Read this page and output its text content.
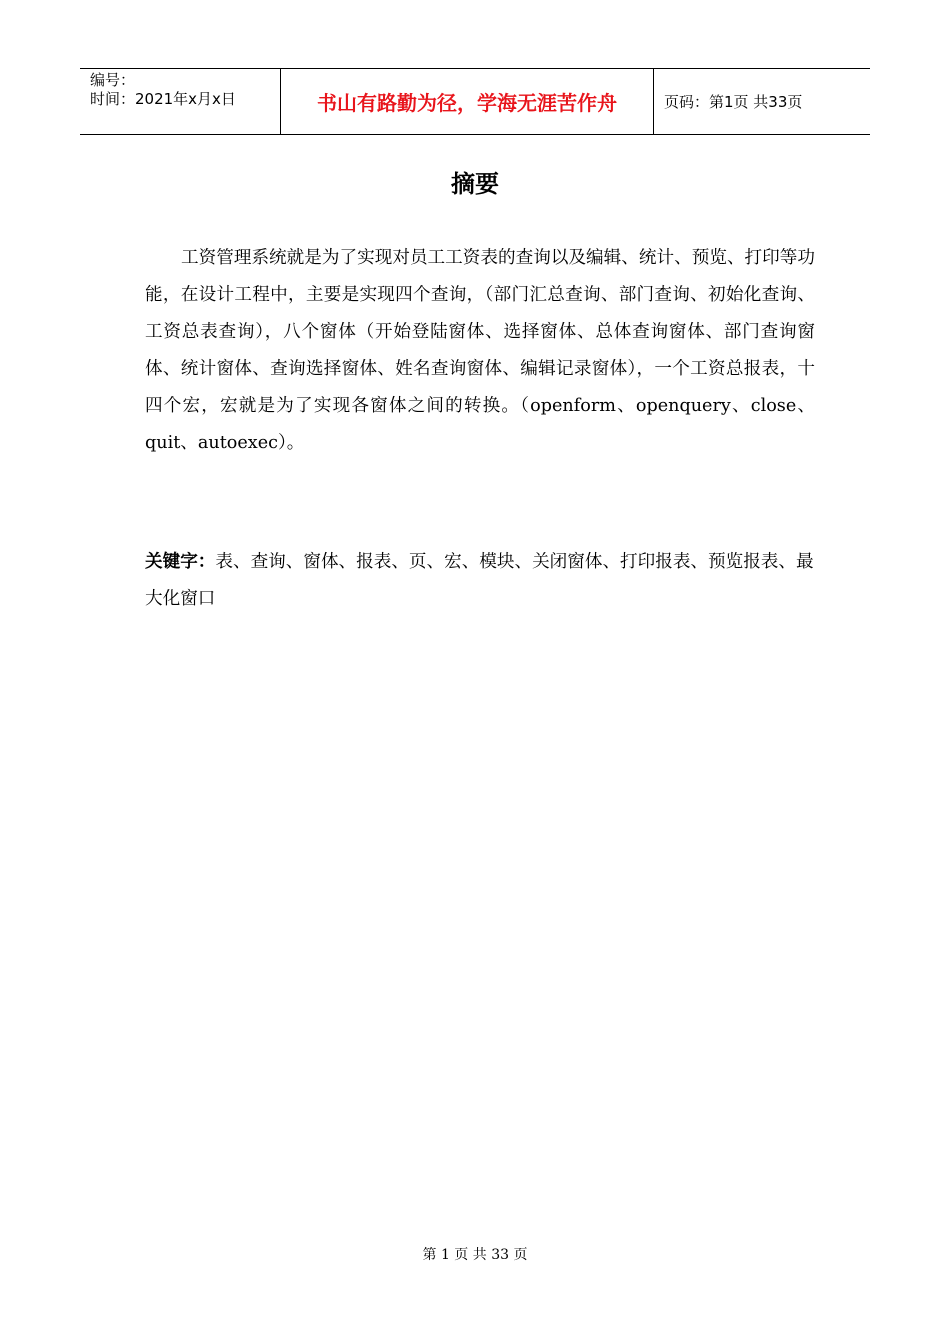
编号：
时间：2021年x月x日	书山有路勤为径，学海无涯苦作舟	页码：第1页 共33页
摘要

工资管理系统就是为了实现对员工工资表的查询以及编辑、统计、预览、打印等功能，在设计工程中，主要是实现四个查询，（部门汇总查询、部门查询、初始化查询、工资总表查询），八个窗体（开始登陆窗体、选择窗体、总体查询窗体、部门查询窗体、统计窗体、查询选择窗体、姓名查询窗体、编辑记录窗体），一个工资总报表，十四个宏，宏就是为了实现各窗体之间的转换。（openform、openquery、close、quit、autoexec）。

关键字：表、查询、窗体、报表、页、宏、模块、关闭窗体、打印报表、预览报表、最大化窗口

第 1 页 共 33 页
